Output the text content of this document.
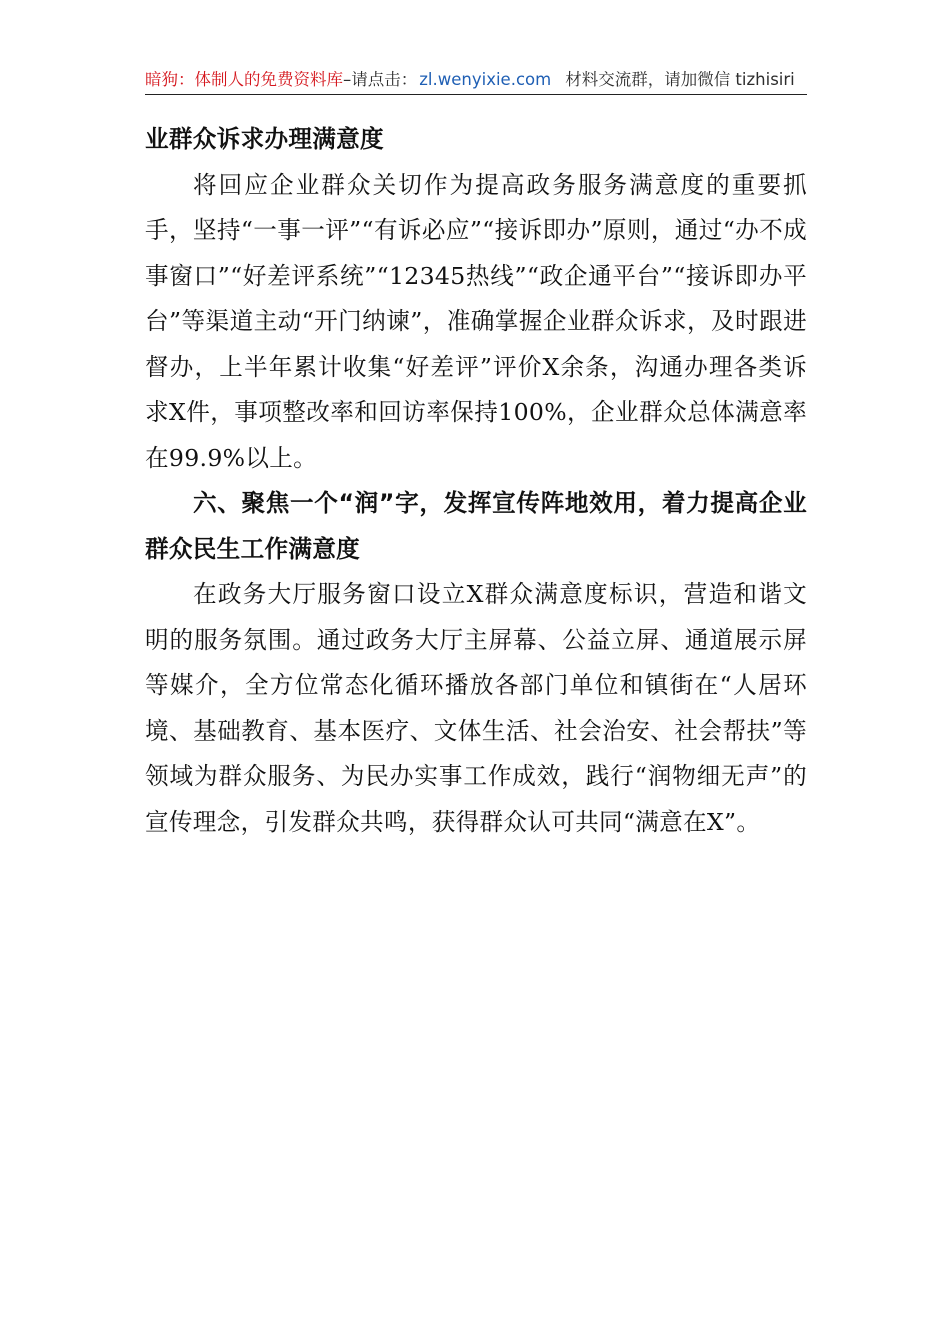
暗狗：体制人的免费资料库–请点击： zl.wenyixie.com 材料交流群，请加微信 tizhisiri

业群众诉求办理满意度

将回应企业群众关切作为提高政务服务满意度的重要抓手，坚持“一事一评”“有诉必应”“接诉即办”原则，通过“办不成事窗口”“好差评系统”“12345热线”“政企通平台”“接诉即办平台”等渠道主动“开门纳谏”，准确掌握企业群众诉求，及时跟进督办，上半年累计收集“好差评”评价X余条，沟通办理各类诉求X件，事项整改率和回访率保持100%，企业群众总体满意率在99.9%以上。

六、聚焦一个“润”字，发挥宣传阵地效用，着力提高企业群众民生工作满意度

在政务大厅服务窗口设立X群众满意度标识，营造和谐文明的服务氛围。通过政务大厅主屏幕、公益立屏、通道展示屏等媒介，全方位常态化循环播放各部门单位和镇街在“人居环境、基础教育、基本医疗、文体生活、社会治安、社会帮扶”等领域为群众服务、为民办实事工作成效，践行“润物细无声”的宣传理念，引发群众共鸣，获得群众认可共同“满意在X”。
